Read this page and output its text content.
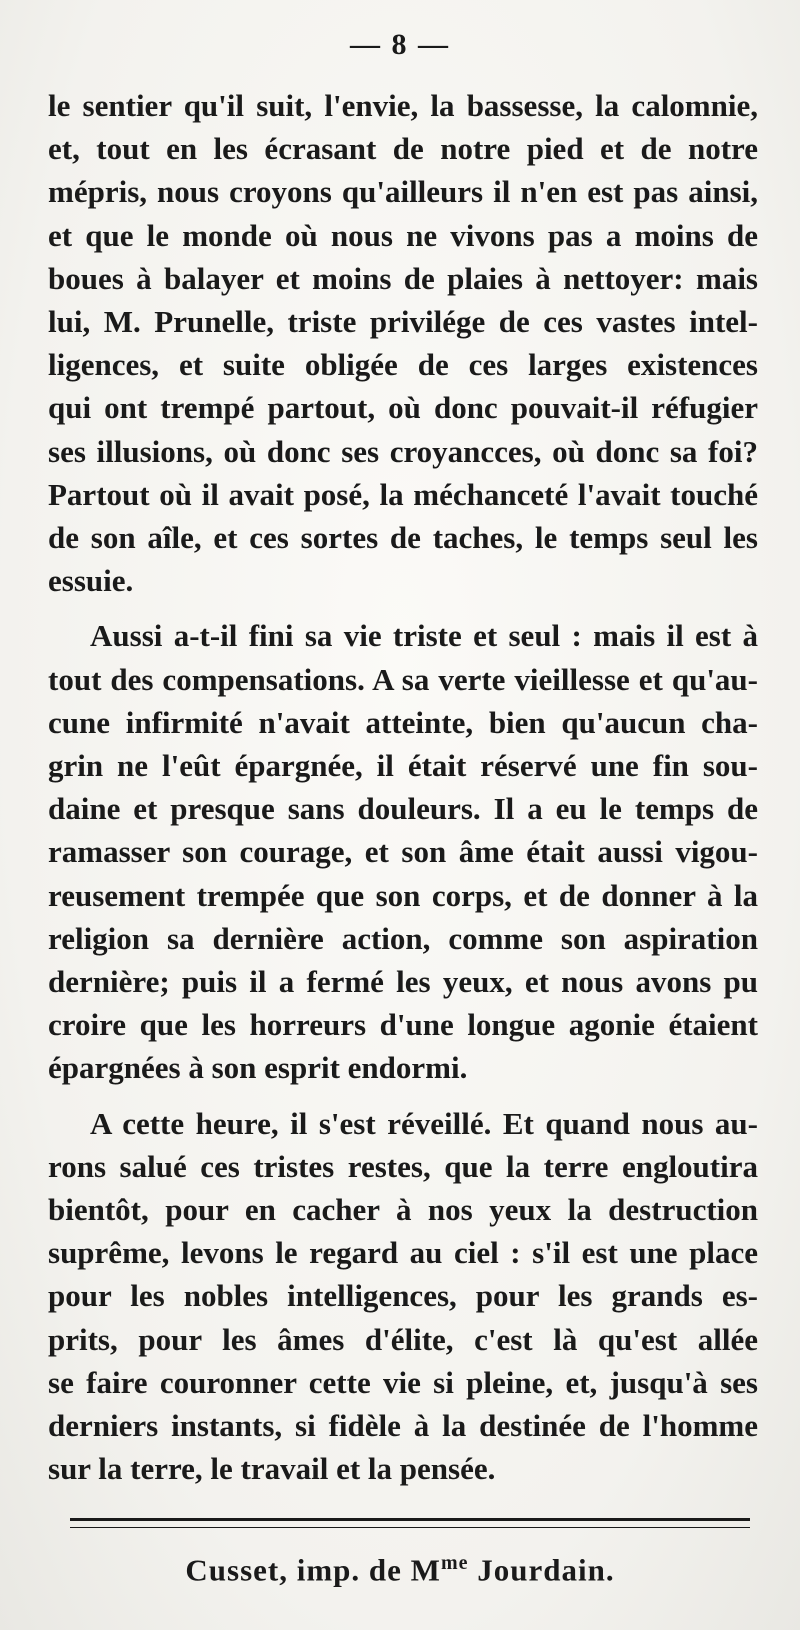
— 8 —
le sentier qu'il suit, l'envie, la bassesse, la calomnie,
et, tout en les écrasant de notre pied et de notre
mépris, nous croyons qu'ailleurs il n'en est pas ainsi,
et que le monde où nous ne vivons pas a moins de
boues à balayer et moins de plaies à nettoyer: mais
lui, M. Prunelle, triste privilége de ces vastes intel-
ligences, et suite obligée de ces larges existences
qui ont trempé partout, où donc pouvait-il réfugier
ses illusions, où donc ses croyancces, où donc sa foi?
Partout où il avait posé, la méchanceté l'avait touché
de son aîle, et ces sortes de taches, le temps seul les
essuie.
Aussi a-t-il fini sa vie triste et seul : mais il est à
tout des compensations. A sa verte vieillesse et qu'au-
cune infirmité n'avait atteinte, bien qu'aucun cha-
grin ne l'eût épargnée, il était réservé une fin sou-
daine et presque sans douleurs. Il a eu le temps de
ramasser son courage, et son âme était aussi vigou-
reusement trempée que son corps, et de donner à la
religion sa dernière action, comme son aspiration
dernière; puis il a fermé les yeux, et nous avons pu
croire que les horreurs d'une longue agonie étaient
épargnées à son esprit endormi.
A cette heure, il s'est réveillé. Et quand nous au-
rons salué ces tristes restes, que la terre engloutira
bientôt, pour en cacher à nos yeux la destruction
suprême, levons le regard au ciel : s'il est une place
pour les nobles intelligences, pour les grands es-
prits, pour les âmes d'élite, c'est là qu'est allée
se faire couronner cette vie si pleine, et, jusqu'à ses
derniers instants, si fidèle à la destinée de l'homme
sur la terre, le travail et la pensée.
Cusset, imp. de $M^{me}$ Jourdain.
